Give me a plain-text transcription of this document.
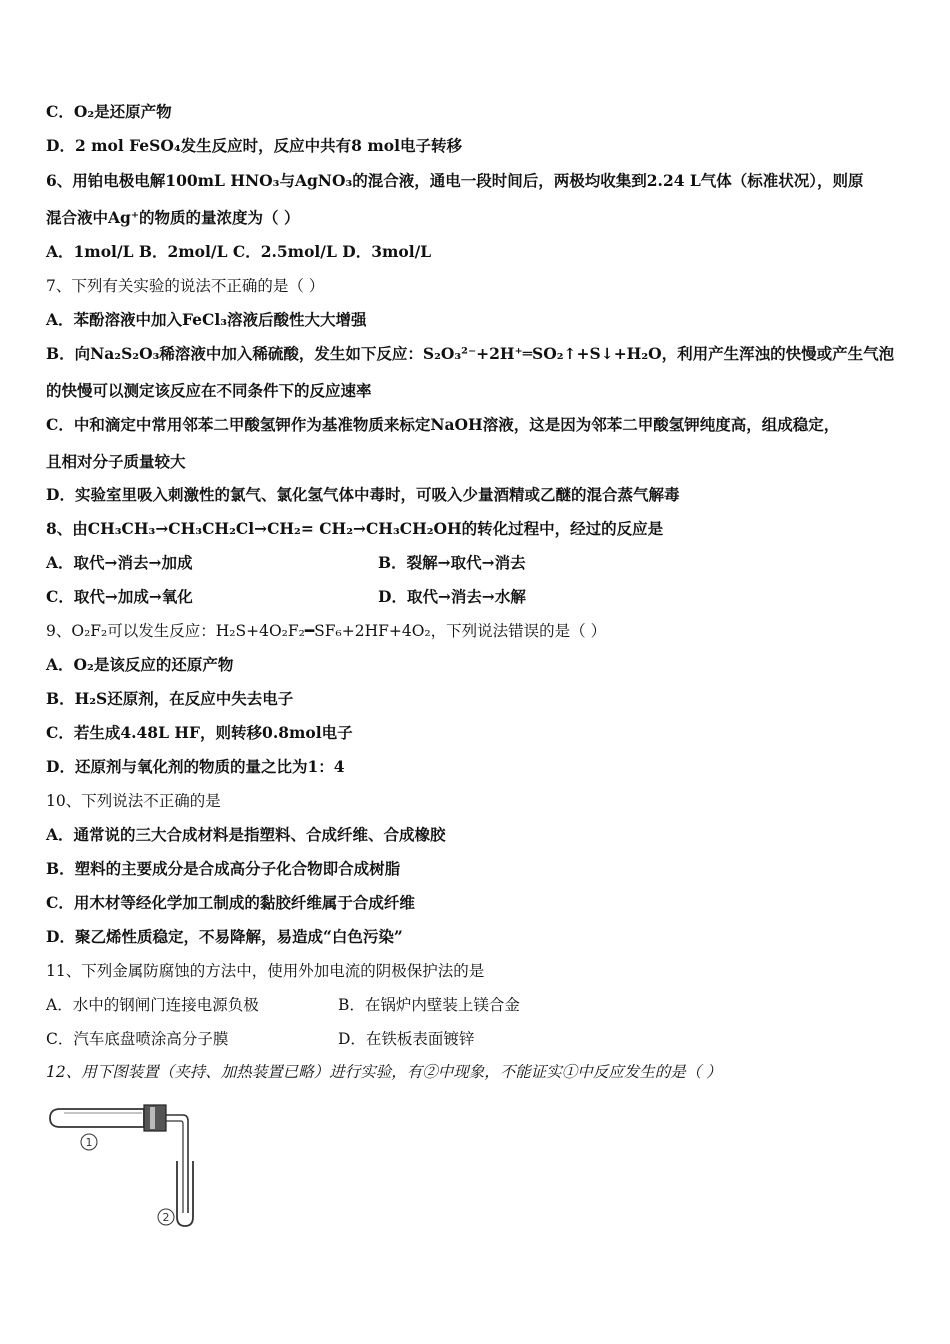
C．O₂是还原产物
D．2 mol FeSO₄发生反应时，反应中共有8 mol电子转移
6、用铂电极电解100mL HNO₃与AgNO₃的混合液，通电一段时间后，两极均收集到2.24 L气体（标准状况），则原
混合液中Ag⁺的物质的量浓度为（ ）
A．1mol/L B．2mol/L C．2.5mol/L D．3mol/L
7、下列有关实验的说法不正确的是（ ）
A．苯酚溶液中加入FeCl₃溶液后酸性大大增强
B．向Na₂S₂O₃稀溶液中加入稀硫酸，发生如下反应：S₂O₃²⁻+2H⁺═SO₂↑+S↓+H₂O，利用产生浑浊的快慢或产生气泡
的快慢可以测定该反应在不同条件下的反应速率
C．中和滴定中常用邻苯二甲酸氢钾作为基准物质来标定NaOH溶液，这是因为邻苯二甲酸氢钾纯度高，组成稳定，
且相对分子质量较大
D．实验室里吸入刺激性的氯气、氯化氢气体中毒时，可吸入少量酒精或乙醚的混合蒸气解毒
8、由CH₃CH₃→CH₃CH₂Cl→CH₂= CH₂→CH₃CH₂OH的转化过程中，经过的反应是
A．取代→消去→加成	B．裂解→取代→消去
C．取代→加成→氧化	D．取代→消去→水解
9、O₂F₂可以发生反应：H₂S+4O₂F₂━SF₆+2HF+4O₂，下列说法错误的是（ ）
A．O₂是该反应的还原产物
B．H₂S还原剂，在反应中失去电子
C．若生成4.48L HF，则转移0.8mol电子
D．还原剂与氧化剂的物质的量之比为1：4
10、下列说法不正确的是
A．通常说的三大合成材料是指塑料、合成纤维、合成橡胶
B．塑料的主要成分是合成高分子化合物即合成树脂
C．用木材等经化学加工制成的黏胶纤维属于合成纤维
D．聚乙烯性质稳定，不易降解，易造成“白色污染”
11、下列金属防腐蚀的方法中，使用外加电流的阴极保护法的是
A．水中的钢闸门连接电源负极	B．在锅炉内壁装上镁合金
C．汽车底盘喷涂高分子膜	D．在铁板表面镀锌
12、用下图装置（夹持、加热装置已略）进行实验，有②中现象，不能证实①中反应发生的是（ ）
1
2
